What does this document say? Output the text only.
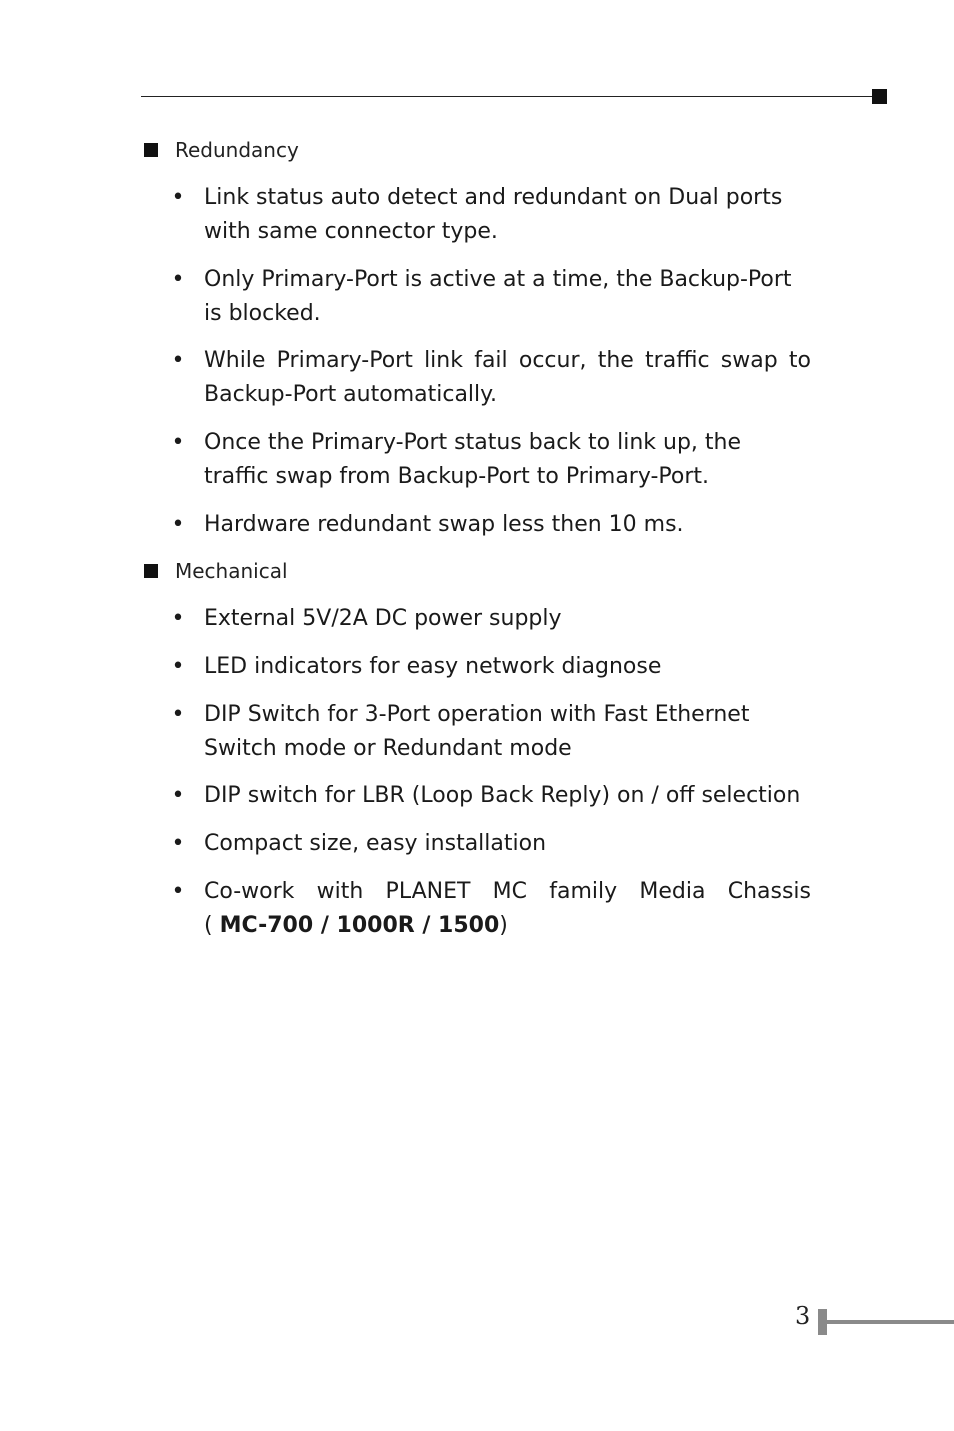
Redundancy
• Link status auto detect and redundant on Dual ports with same connector type.
• Only Primary-Port is active at a time, the Backup-Port is blocked.
• While Primary-Port link fail occur, the traffic swap to Backup-Port automatically.
• Once the Primary-Port status back to link up, the traffic swap from Backup-Port to Primary-Port.
• Hardware redundant swap less then 10 ms.
Mechanical
• External 5V/2A DC power supply
• LED indicators for easy network diagnose
• DIP Switch for 3-Port operation with Fast Ethernet Switch mode or Redundant mode
• DIP switch for LBR (Loop Back Reply) on / off selection
• Compact size, easy installation
• Co-work with PLANET MC family Media Chassis
( MC-700 / 1000R / 1500)
3
